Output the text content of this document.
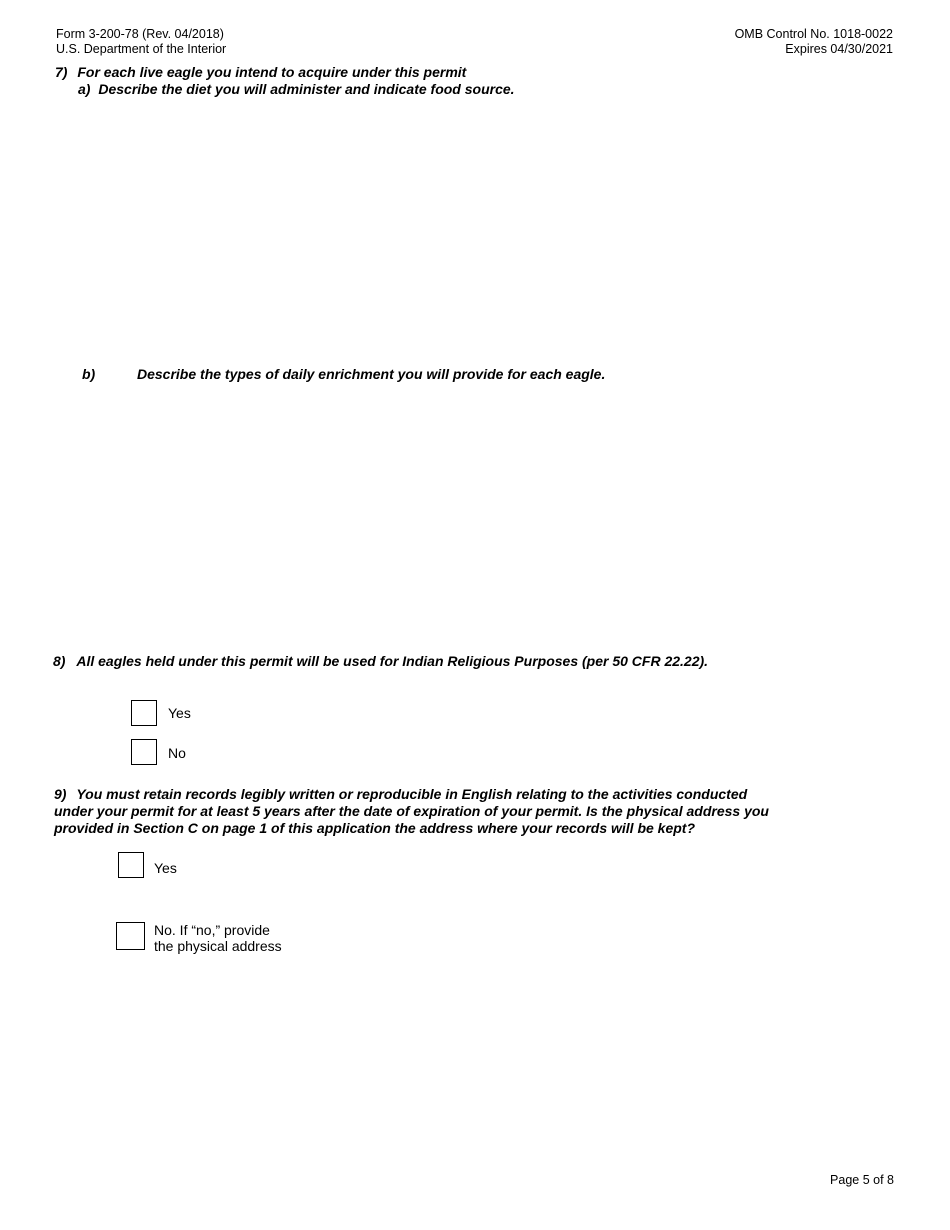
Form 3-200-78 (Rev. 04/2018)
U.S. Department of the Interior
OMB Control No. 1018-0022
Expires 04/30/2021
7) For each live eagle you intend to acquire under this permit
a) Describe the diet you will administer and indicate food source.
b)	Describe the types of daily enrichment you will provide for each eagle.
8) All eagles held under this permit will be used for Indian Religious Purposes (per 50 CFR 22.22).
Yes
No
9) You must retain records legibly written or reproducible in English relating to the activities conducted
under your permit for at least 5 years after the date of expiration of your permit. Is the physical address you
provided in Section C on page 1 of this application the address where your records will be kept?
Yes
No. If “no,” provide
the physical address
Page 5 of 8
